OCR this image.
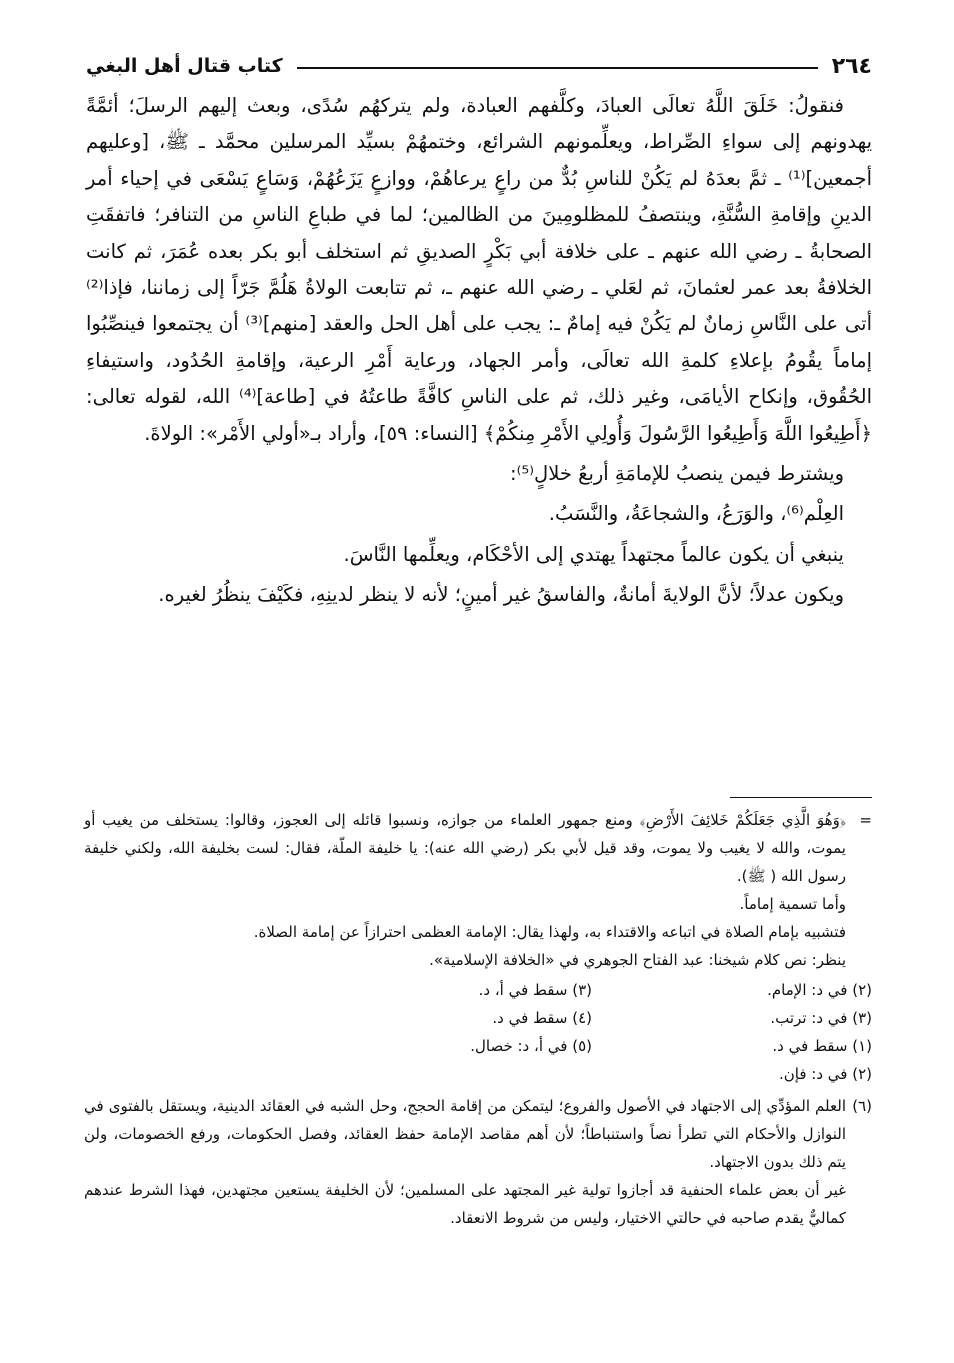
٢٦٤
كتاب قتال أهل البغي

فنقولُ: خَلَقَ اللَّهُ تعالَى العبادَ، وكلَّفهم العبادة، ولم يتركهُم سُدًى، وبعث إليهم الرسلَ؛ أئمَّةً يهدونهم إلى سواءِ الصِّراط، ويعلِّمونهم الشرائع، وختمهُمْ بسيِّد المرسلين محمَّد ـ ﷺ، [وعليهم أجمعين]⁽¹⁾ ـ ثمَّ بعدَهُ لم يَكُنْ للناسِ بُدٌّ من راعٍ يرعاهُمْ، ووازعٍ يَزَعُهُمْ، وَسَاعٍ يَسْعَى في إحياء أمر الدينِ وإقامةِ السُّنَّةِ، وينتصفُ للمظلومِينَ من الظالمين؛ لما في طباعِ الناسِ من التنافر؛ فاتفقَتِ الصحابةُ ـ رضي الله عنهم ـ على خلافة أبي بَكْرٍ الصديقِ ثم استخلف أبو بكر بعده عُمَرَ، ثم كانت الخلافةُ بعد عمر لعثمانَ، ثم لعَلي ـ رضي الله عنهم ـ، ثم تتابعت الولاةُ هَلُمَّ جَرّاً إلى زماننا، فإذا⁽²⁾ أتى على النَّاسِ زمانٌ لم يَكُنْ فيه إمامٌ ـ: يجب على أهل الحل والعقد [منهم]⁽³⁾ أن يجتمعوا فينصِّبُوا إماماً يقُومُ بإعلاءِ كلمةِ الله تعالَى، وأمر الجهاد، ورعاية أَمْرِ الرعية، وإقامةِ الحُدُود، واستيفاءِ الحُقُوق، وإنكاح الأيامَى، وغير ذلك، ثم على الناسِ كافَّةً طاعتُهُ في [طاعة]⁽⁴⁾ الله، لقوله تعالى: ﴿أَطِيعُوا اللَّهَ وَأَطِيعُوا الرَّسُولَ وَأُولِي الأَمْرِ مِنكُمْ﴾ [النساء: ٥٩]، وأراد بـ«أولي الأَمْر»: الولاةَ.

ويشترط فيمن ينصبُ للإمامَةِ أربعُ خلالٍ⁽⁵⁾:

العِلْم⁽⁶⁾، والوَرَعُ، والشجاعَةُ، والنَّسَبُ.

ينبغي أن يكون عالماً مجتهداً يهتدي إلى الأحْكَام، ويعلِّمها النَّاسَ.

ويكون عدلاً؛ لأنَّ الولايةَ أمانةٌ، والفاسقُ غير أمينٍ؛ لأنه لا ينظر لدينِهِ، فكَيْفَ ينظُرُ لغيره.

=
﴿وَهُوَ الَّذِي جَعَلَكُمْ خَلائِفَ الأَرْضِ﴾ ومنع جمهور العلماء من جوازه، ونسبوا قائله إلى العجوز، وقالوا: يستخلف من يغيب أو يموت، والله لا يغيب ولا يموت، وقد قيل لأبي بكر (رضي الله عنه): يا خليفة الملّة، فقال: لست بخليفة الله، ولكني خليفة رسول الله ( ﷺ).

وأما تسمية إماماً.

فتشبيه بإمام الصلاة في اتباعه والاقتداء به، ولهذا يقال: الإمامة العظمى احترازاً عن إمامة الصلاة.

ينظر: نص كلام شيخنا: عبد الفتاح الجوهري في «الخلافة الإسلامية».

(٢) في د: الإمام.
(٣) في د: ترتب.
(١) سقط في د.
(٢) في د: فإن.
(٣) سقط في أ، د.
(٤) سقط في د.
(٥) في أ، د: خصال.
(٦)
العلم المؤدِّي إلى الاجتهاد في الأصول والفروع؛ ليتمكن من إقامة الحجج، وحل الشبه في العقائد الدينية، ويستقل بالفتوى في النوازل والأحكام التي تطرأ نصاً واستنباطاً؛ لأن أهم مقاصد الإمامة حفظ العقائد، وفصل الحكومات، ورفع الخصومات، ولن يتم ذلك بدون الاجتهاد.

غير أن بعض علماء الحنفية قد أجازوا تولية غير المجتهد على المسلمين؛ لأن الخليفة يستعين مجتهدين، فهذا الشرط عندهم كماليٌّ يقدم صاحبه في حالتي الاختيار، وليس من شروط الانعقاد.
